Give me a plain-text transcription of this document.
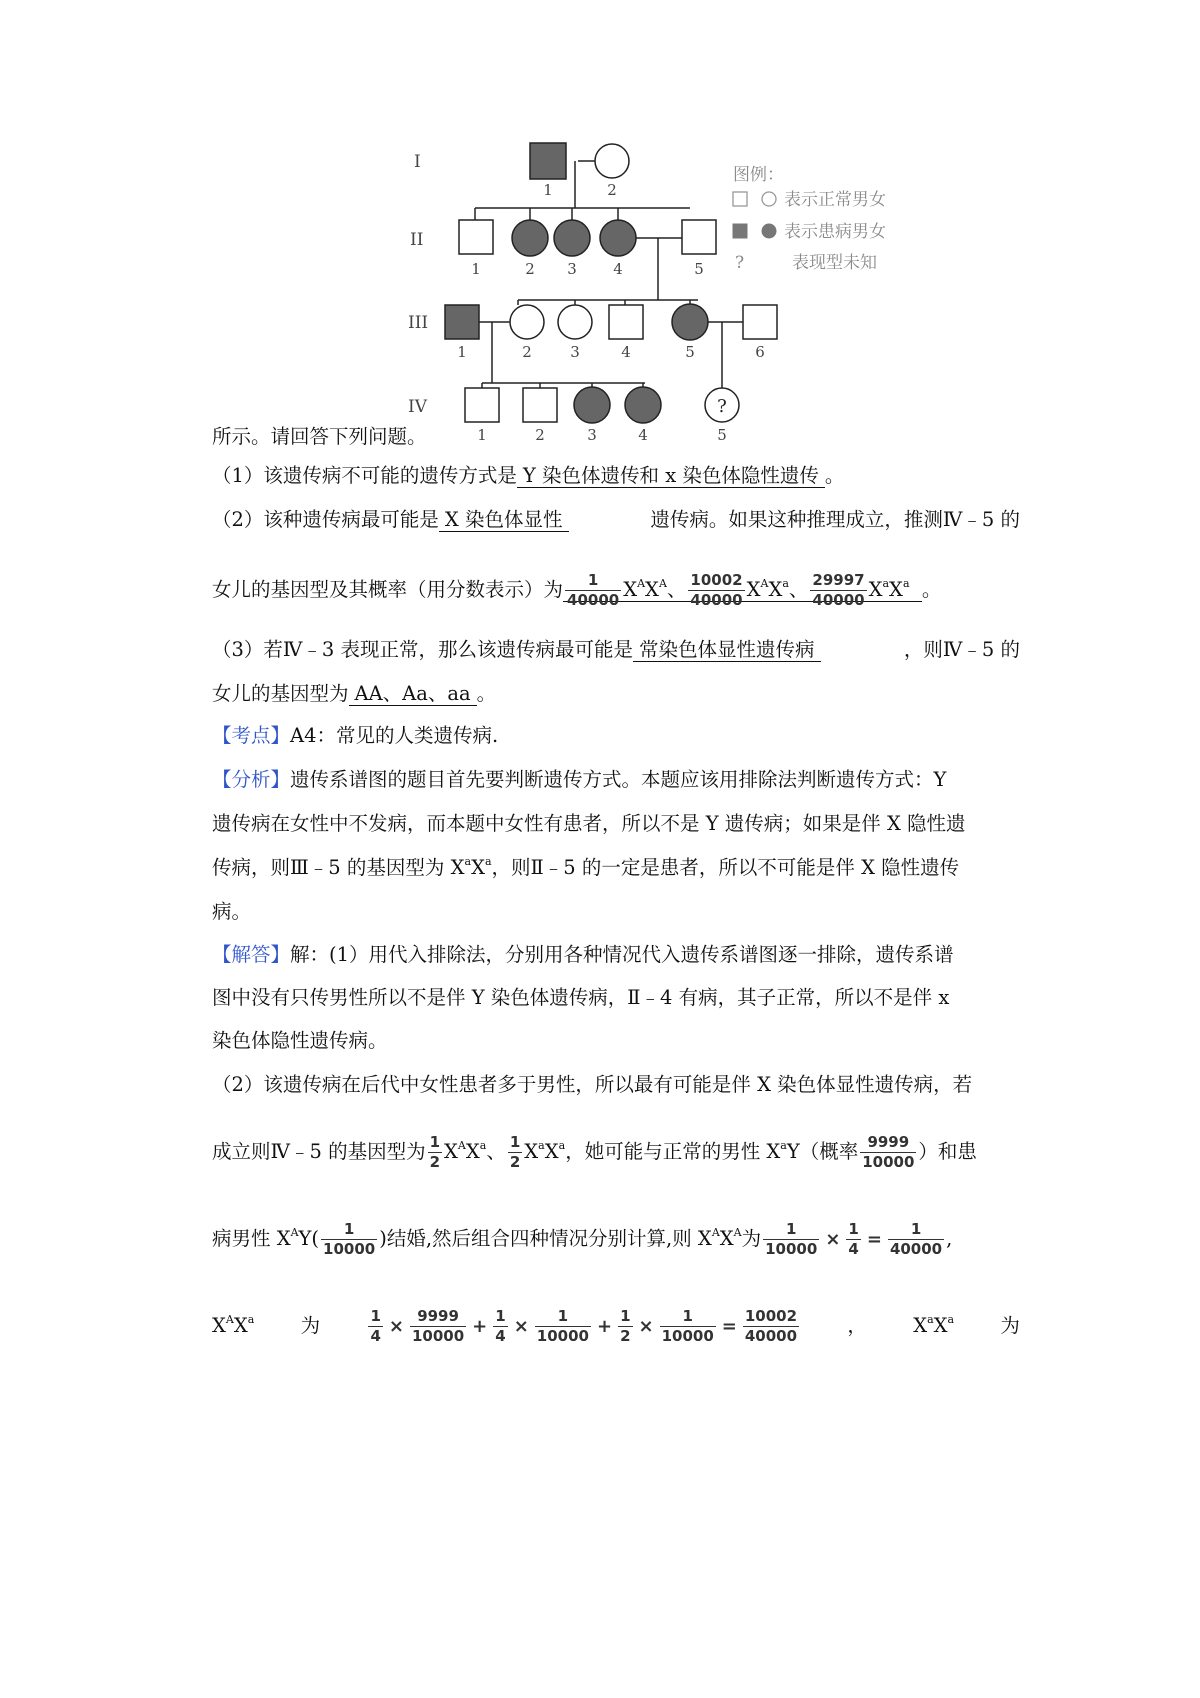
?
I
II
III
IV
1	2
1	2 3 4	5
1	2	3	4	5	6
1	2	3	4	5
图例：
表示正常男女
表示患病男女
?	表现型未知
所示。请回答下列问题。
（1）该遗传病不可能的遗传方式是 Y 染色体遗传和 x 染色体隐性遗传 。
（2）该种遗传病最可能是 X 染色体显性	遗传病。如果这种推理成立，推测Ⅳ﹣5 的
女儿的基因型及其概率（用分数表示）为 $\frac{1}{40000} X^AX^A$、 $\frac{10002}{40000} X^AX^a$、 $\frac{29997}{40000} X^aX^a$ 。
（3）若Ⅳ﹣3 表现正常，那么该遗传病最可能是 常染色体显性遗传病	，则Ⅳ﹣5 的
女儿的基因型为 AA、Aa、aa 。
【考点】A4：常见的人类遗传病.
【分析】遗传系谱图的题目首先要判断遗传方式。本题应该用排除法判断遗传方式：Y
遗传病在女性中不发病，而本题中女性有患者，所以不是 Y 遗传病；如果是伴 X 隐性遗
传病，则Ⅲ﹣5 的基因型为 $X^aX^a$，则Ⅱ﹣5 的一定是患者，所以不可能是伴 X 隐性遗传
病。
【解答】解：(1）用代入排除法，分别用各种情况代入遗传系谱图逐一排除，遗传系谱
图中没有只传男性所以不是伴 Y 染色体遗传病，Ⅱ﹣4 有病，其子正常，所以不是伴 x
染色体隐性遗传病。
（2）该遗传病在后代中女性患者多于男性，所以最有可能是伴 X 染色体显性遗传病，若
成立则Ⅳ﹣5 的基因型为 $\frac{1}{2} X^AX^a$、 $\frac{1}{2} X^aX^a$，她可能与正常的男性 $X^aY$（概率 $\frac{9999}{10000}$ ）和患
病男性 $X^AY( \frac{1}{10000}$ )结婚,然后组合四种情况分别计算,则 $X^AX^A$为 $\frac{1}{10000} \times \frac{1}{4} = \frac{1}{40000}$ ,
$X^AX^a$ 为	$\frac{1}{4} \times \frac{9999}{10000} + \frac{1}{4} \times \frac{1}{10000} + \frac{1}{2} \times \frac{1}{10000} = \frac{10002}{40000}$ ， $X^aX^a$ 为
